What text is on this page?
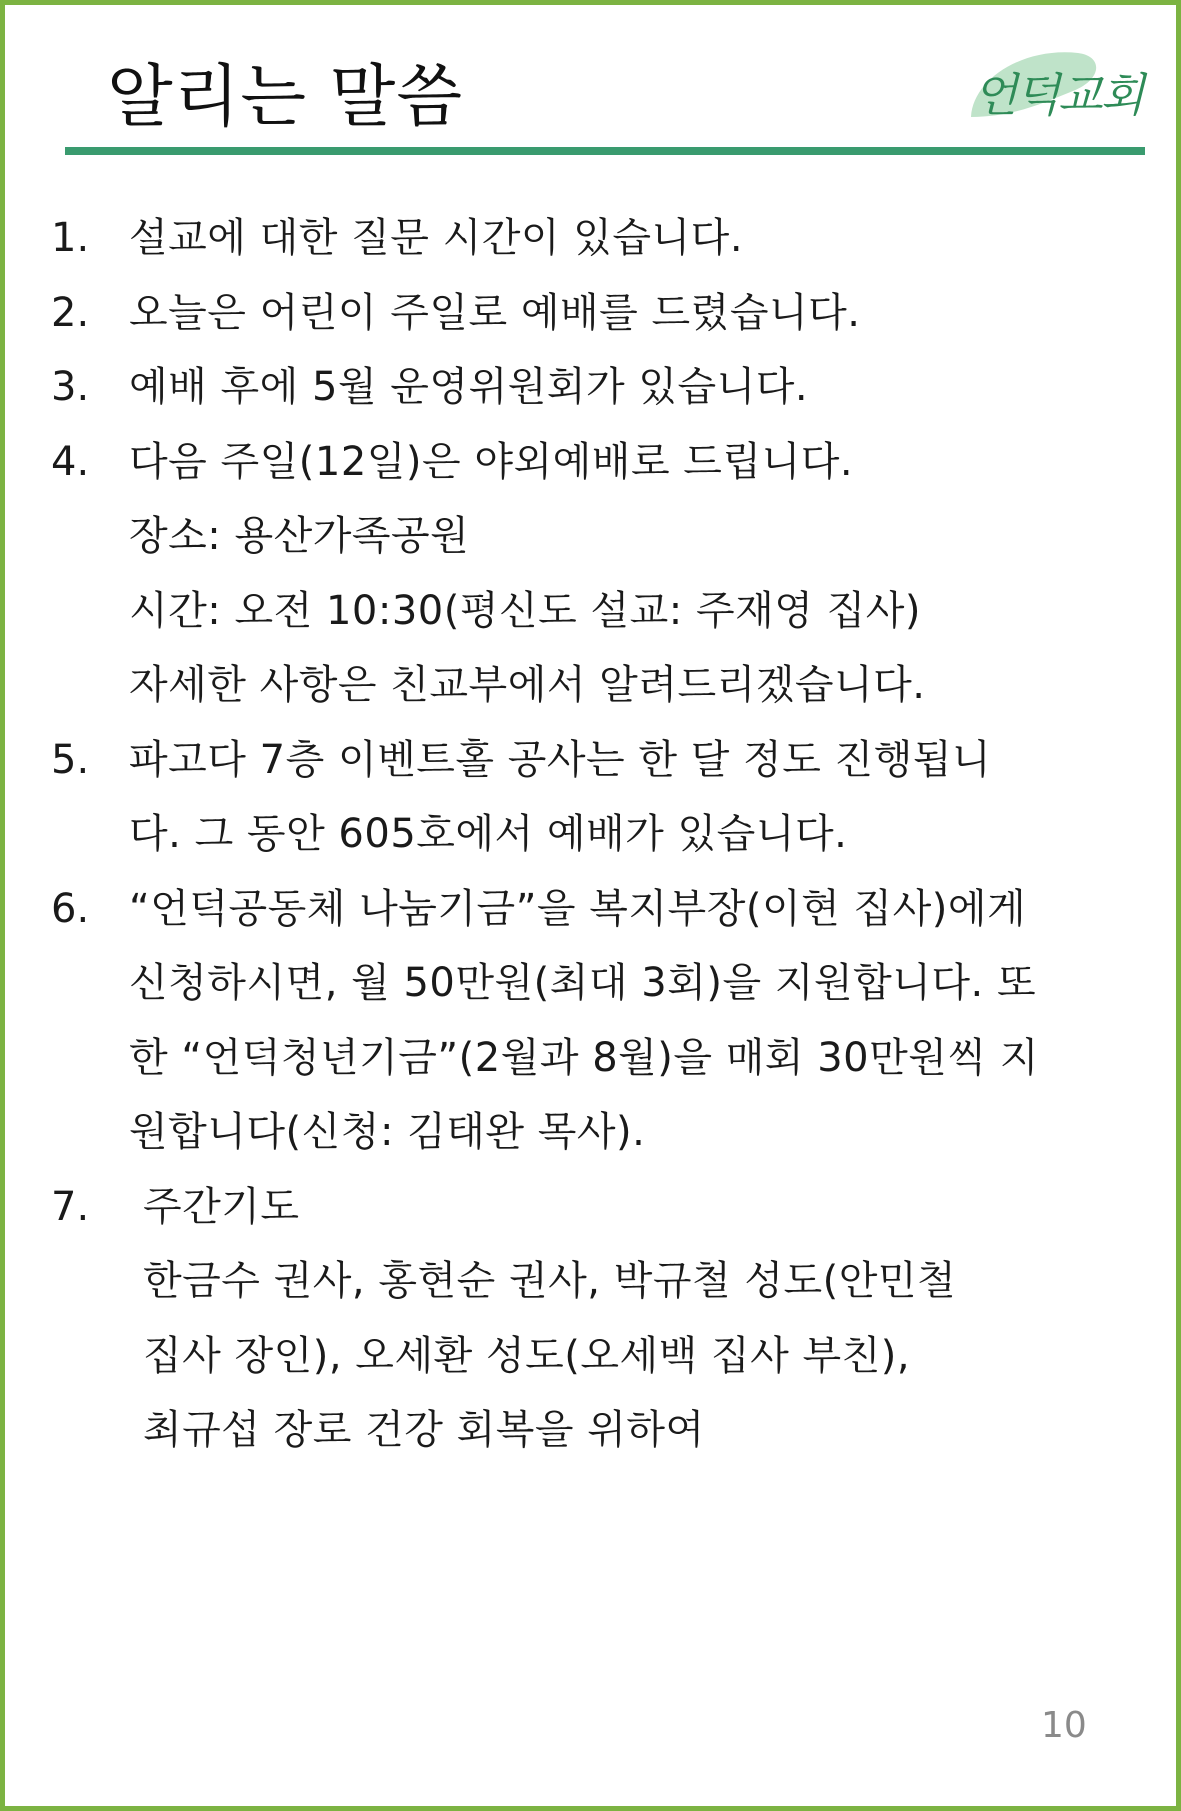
알리는 말씀	언덕교회
1. 설교에 대한 질문 시간이 있습니다.
2. 오늘은 어린이 주일로 예배를 드렸습니다.
3. 예배 후에 5월 운영위원회가 있습니다.
4. 다음 주일(12일)은 야외예배로 드립니다.
장소: 용산가족공원
시간: 오전 10:30(평신도 설교: 주재영 집사)
자세한 사항은 친교부에서 알려드리겠습니다.
5. 파고다 7층 이벤트홀 공사는 한 달 정도 진행됩니
다. 그 동안 605호에서 예배가 있습니다.
6. “언덕공동체 나눔기금”을 복지부장(이현 집사)에게
신청하시면, 월 50만원(최대 3회)을 지원합니다. 또
한 “언덕청년기금”(2월과 8월)을 매회 30만원씩 지
원합니다(신청: 김태완 목사).
7.	주간기도
한금수 권사, 홍현순 권사, 박규철 성도(안민철
집사 장인), 오세환 성도(오세백 집사 부친),
최규섭 장로 건강 회복을 위하여
10
